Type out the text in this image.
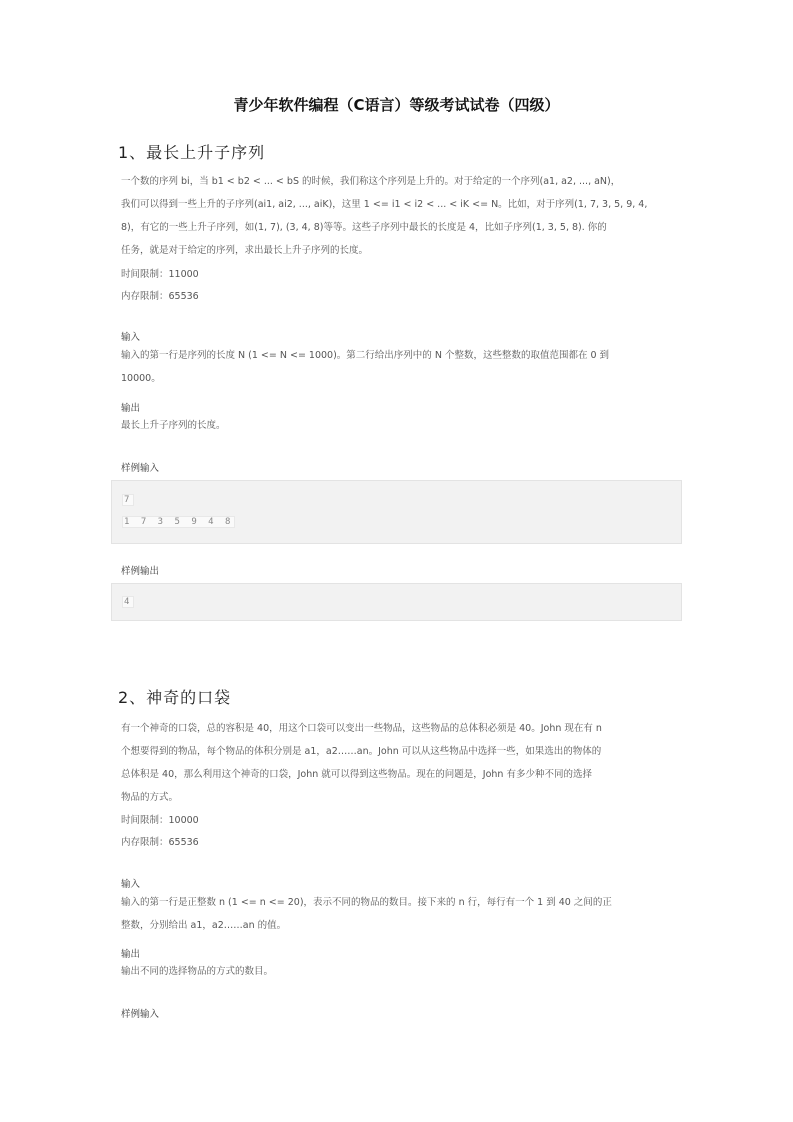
青少年软件编程（C语言）等级考试试卷（四级）
1、最长上升子序列
一个数的序列 bi，当 b1 < b2 < ... < bS 的时候，我们称这个序列是上升的。对于给定的一个序列(a1, a2, ..., aN)，
我们可以得到一些上升的子序列(ai1, ai2, ..., aiK)，这里 1 <= i1 < i2 < ... < iK <= N。比如，对于序列(1, 7, 3, 5, 9, 4,
8)，有它的一些上升子序列，如(1, 7), (3, 4, 8)等等。这些子序列中最长的长度是 4，比如子序列(1, 3, 5, 8). 你的
任务，就是对于给定的序列，求出最长上升子序列的长度。
时间限制：11000
内存限制：65536
输入
输入的第一行是序列的长度 N (1 <= N <= 1000)。第二行给出序列中的 N 个整数，这些整数的取值范围都在 0 到
10000。
输出
最长上升子序列的长度。
样例输入
7
1 7 3 5 9 4 8
样例输出
4
2、神奇的口袋
有一个神奇的口袋，总的容积是 40，用这个口袋可以变出一些物品，这些物品的总体积必须是 40。John 现在有 n
个想要得到的物品，每个物品的体积分别是 a1，a2……an。John 可以从这些物品中选择一些，如果选出的物体的
总体积是 40，那么利用这个神奇的口袋，John 就可以得到这些物品。现在的问题是，John 有多少种不同的选择
物品的方式。
时间限制：10000
内存限制：65536
输入
输入的第一行是正整数 n (1 <= n <= 20)，表示不同的物品的数目。接下来的 n 行，每行有一个 1 到 40 之间的正
整数，分别给出 a1，a2……an 的值。
输出
输出不同的选择物品的方式的数目。
样例输入
